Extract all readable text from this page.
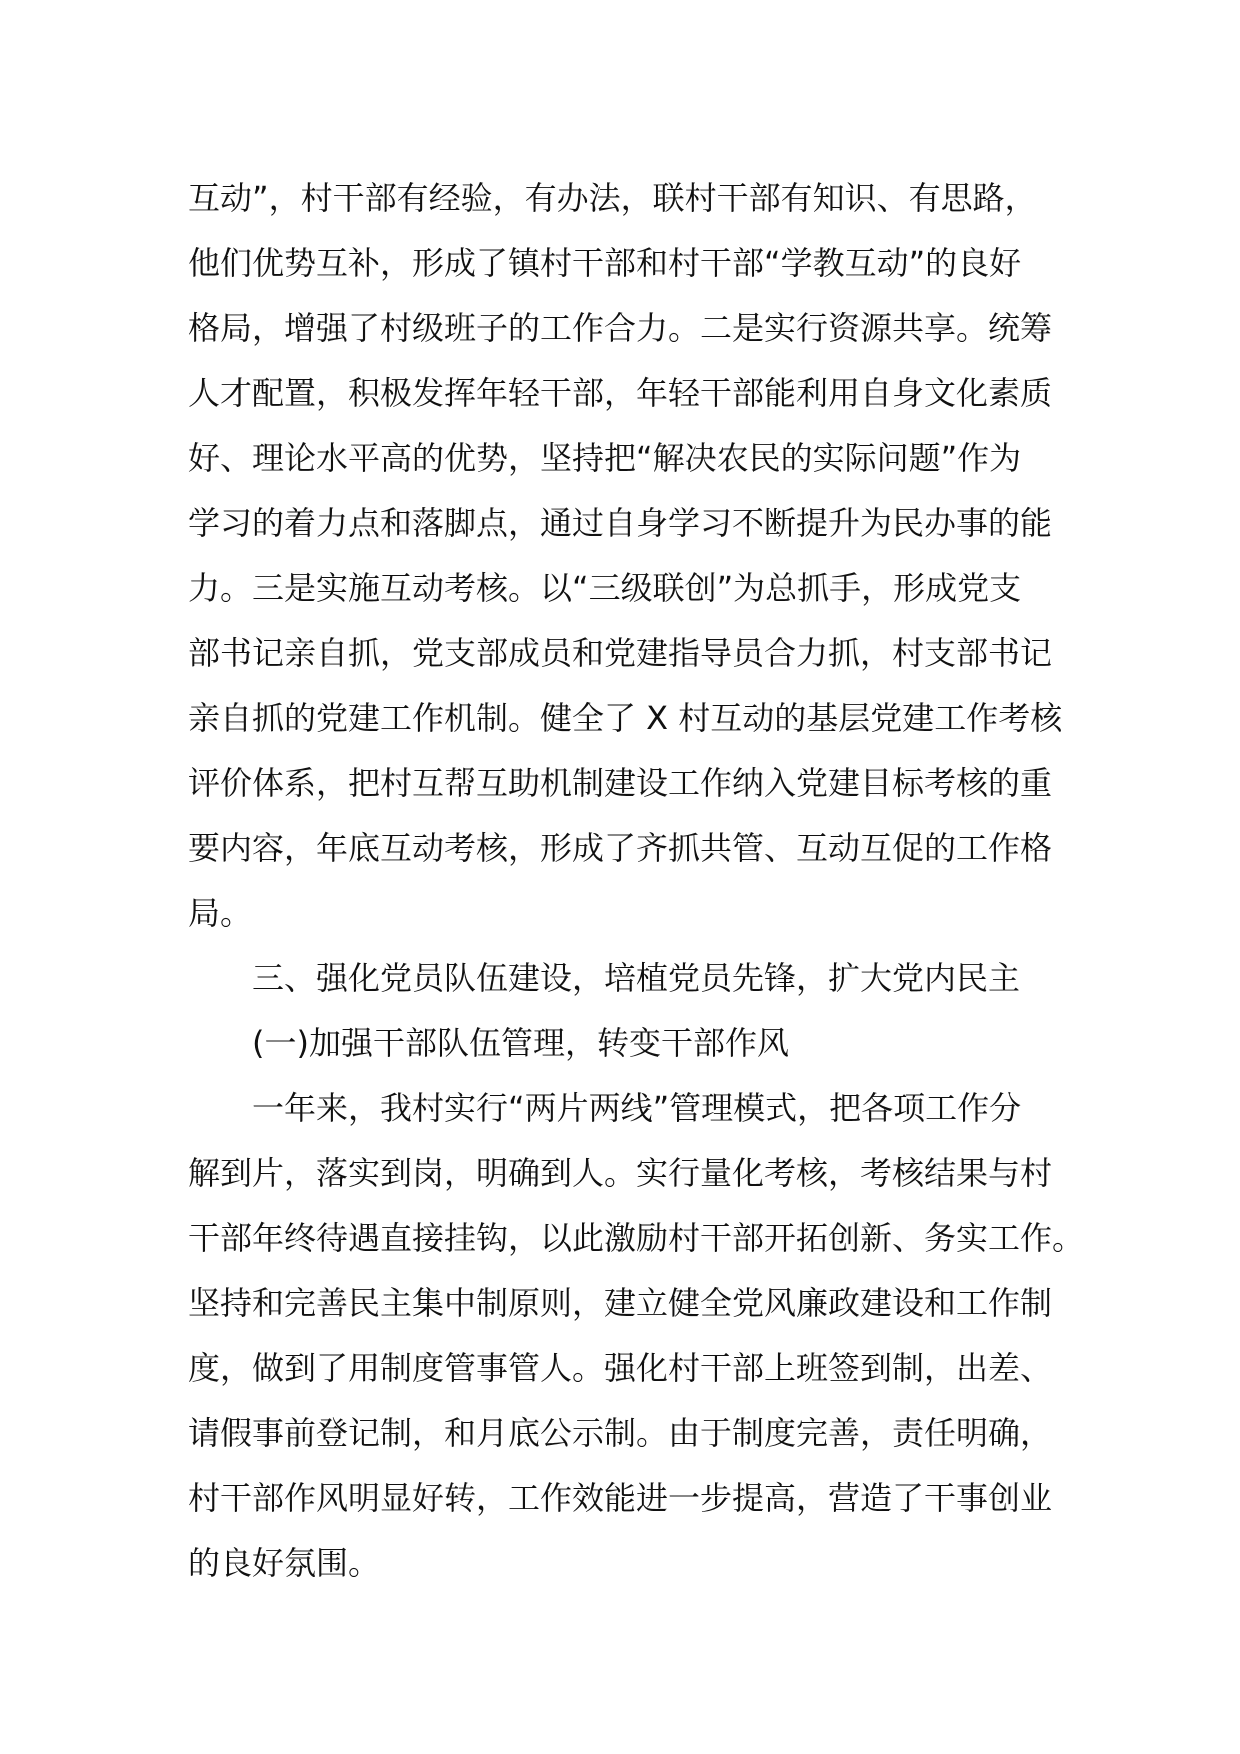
互动”，村干部有经验，有办法，联村干部有知识、有思路，
他们优势互补，形成了镇村干部和村干部“学教互动”的良好
格局，增强了村级班子的工作合力。二是实行资源共享。统筹
人才配置，积极发挥年轻干部，年轻干部能利用自身文化素质
好、理论水平高的优势，坚持把“解决农民的实际问题”作为
学习的着力点和落脚点，通过自身学习不断提升为民办事的能
力。三是实施互动考核。以“三级联创”为总抓手，形成党支
部书记亲自抓，党支部成员和党建指导员合力抓，村支部书记
亲自抓的党建工作机制。健全了 X 村互动的基层党建工作考核
评价体系，把村互帮互助机制建设工作纳入党建目标考核的重
要内容，年底互动考核，形成了齐抓共管、互动互促的工作格
局。
三、强化党员队伍建设，培植党员先锋，扩大党内民主
(一)加强干部队伍管理，转变干部作风
一年来，我村实行“两片两线”管理模式，把各项工作分
解到片，落实到岗，明确到人。实行量化考核，考核结果与村
干部年终待遇直接挂钩，以此激励村干部开拓创新、务实工作。
坚持和完善民主集中制原则，建立健全党风廉政建设和工作制
度，做到了用制度管事管人。强化村干部上班签到制，出差、
请假事前登记制，和月底公示制。由于制度完善，责任明确，
村干部作风明显好转，工作效能进一步提高，营造了干事创业
的良好氛围。
